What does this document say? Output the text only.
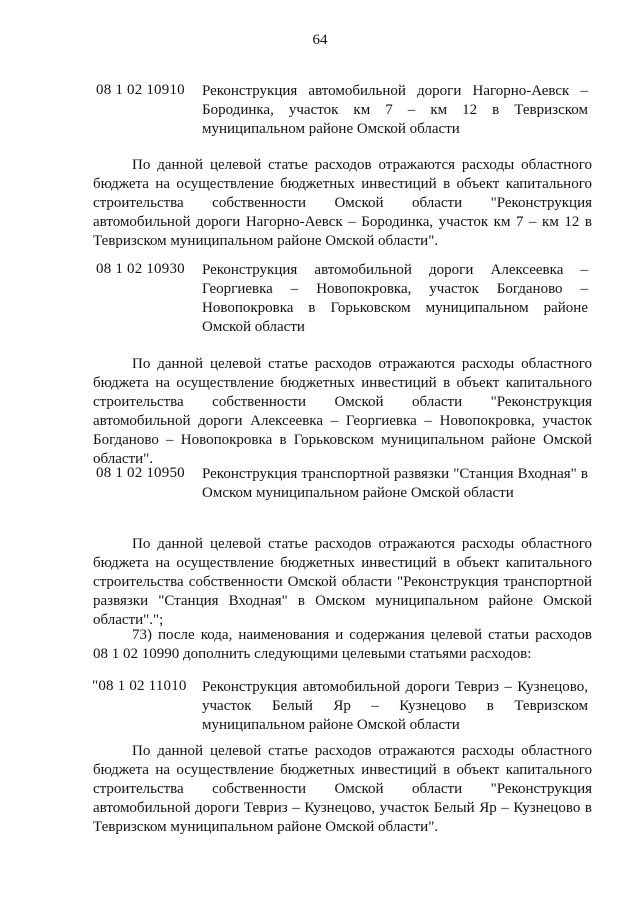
64
08 1 02 10910 Реконструкция автомобильной дороги Нагорно-Аевск – Бородинка, участок км 7 – км 12 в Тевризском муниципальном районе Омской области
По данной целевой статье расходов отражаются расходы областного бюджета на осуществление бюджетных инвестиций в объект капитального строительства собственности Омской области "Реконструкция автомобильной дороги Нагорно-Аевск – Бородинка, участок км 7 – км 12 в Тевризском муниципальном районе Омской области".
08 1 02 10930 Реконструкция автомобильной дороги Алексеевка – Георгиевка – Новопокровка, участок Богданово – Новопокровка в Горьковском муниципальном районе Омской области
По данной целевой статье расходов отражаются расходы областного бюджета на осуществление бюджетных инвестиций в объект капитального строительства собственности Омской области "Реконструкция автомобильной дороги Алексеевка – Георгиевка – Новопокровка, участок Богданово – Новопокровка в Горьковском муниципальном районе Омской области".
08 1 02 10950 Реконструкция транспортной развязки "Станция Входная" в Омском муниципальном районе Омской области
По данной целевой статье расходов отражаются расходы областного бюджета на осуществление бюджетных инвестиций в объект капитального строительства собственности Омской области "Реконструкция транспортной развязки "Станция Входная" в Омском муниципальном районе Омской области".";
73) после кода, наименования и содержания целевой статьи расходов 08 1 02 10990 дополнить следующими целевыми статьями расходов:
"08 1 02 11010 Реконструкция автомобильной дороги Тевриз – Кузнецово, участок Белый Яр – Кузнецово в Тевризском муниципальном районе Омской области
По данной целевой статье расходов отражаются расходы областного бюджета на осуществление бюджетных инвестиций в объект капитального строительства собственности Омской области "Реконструкция автомобильной дороги Тевриз – Кузнецово, участок Белый Яр – Кузнецово в Тевризском муниципальном районе Омской области".
